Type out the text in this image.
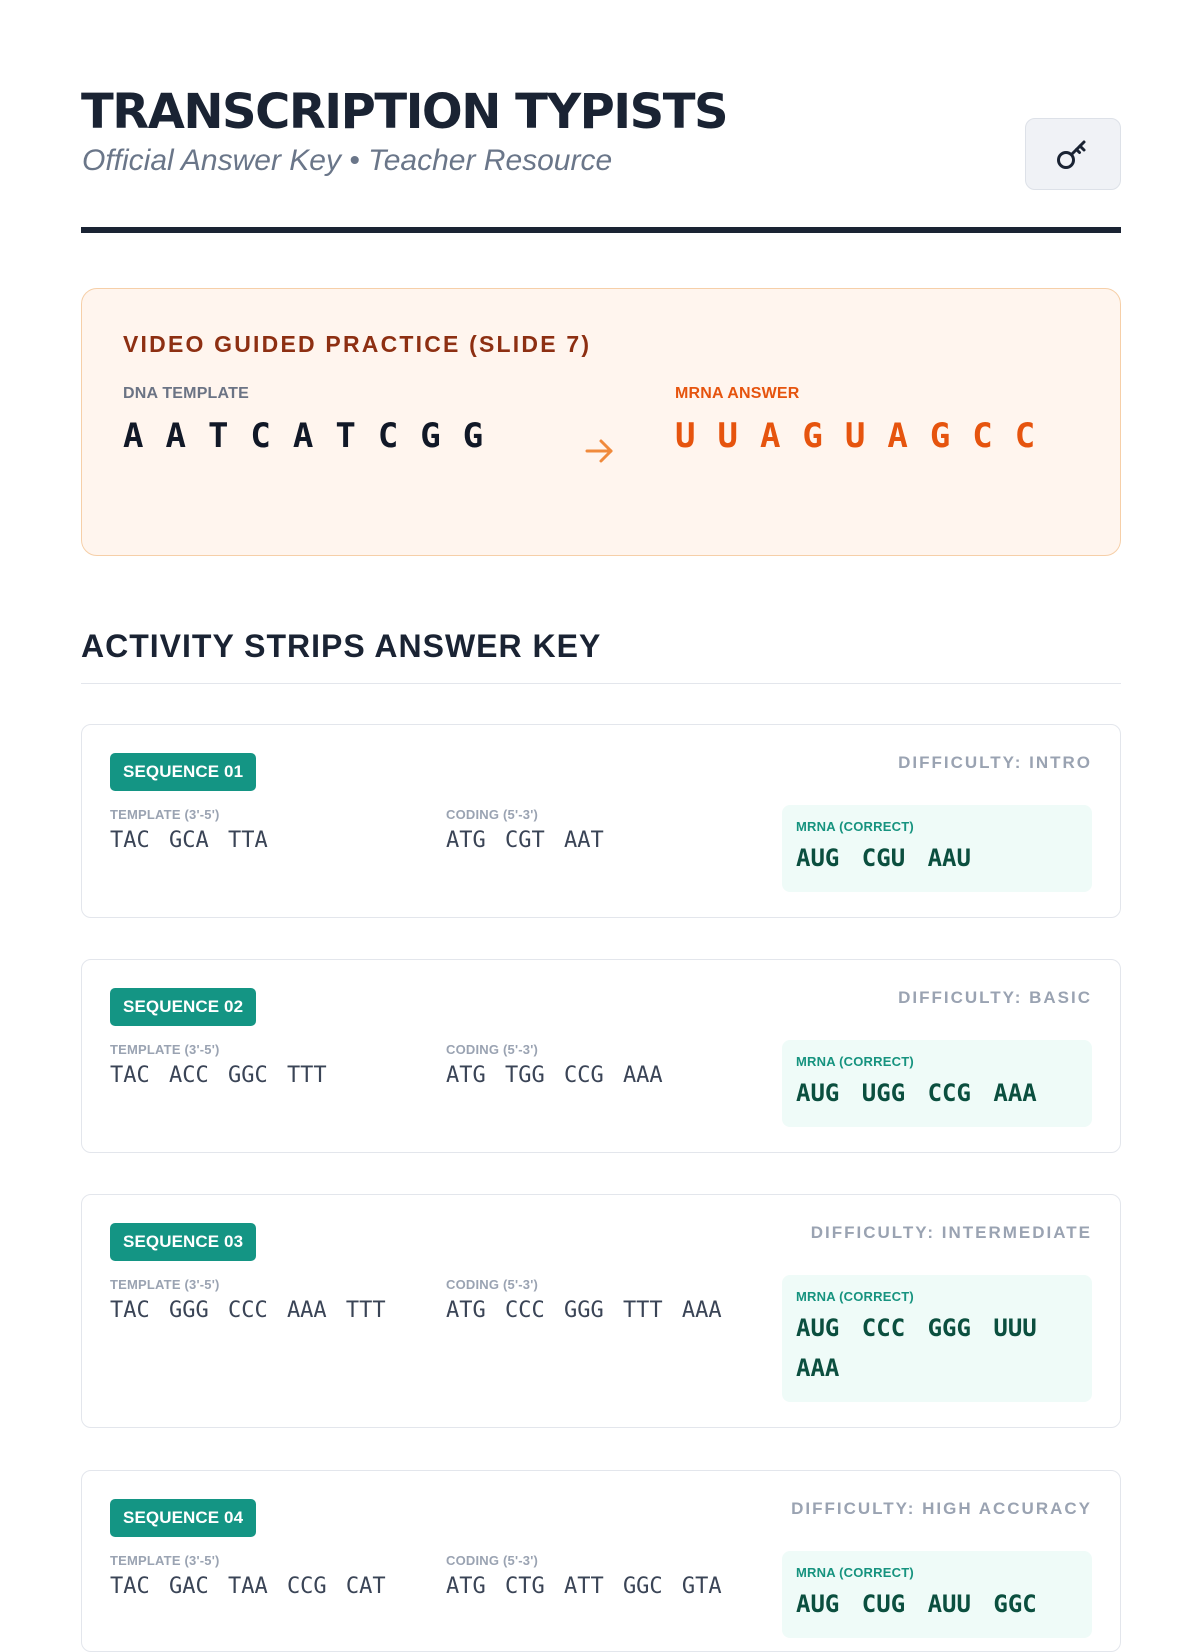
TRANSCRIPTION TYPISTS
Official Answer Key • Teacher Resource
VIDEO GUIDED PRACTICE (SLIDE 7)
DNA TEMPLATE
AATCATCGG
MRNA ANSWER
UUAGUAGCC
ACTIVITY STRIPS ANSWER KEY
SEQUENCE 01	DIFFICULTY: INTRO
TEMPLATE (3'-5')
TAC GCA TTA
CODING (5'-3')
ATG CGT AAT
MRNA (CORRECT)
AUG CGU AAU
SEQUENCE 02	DIFFICULTY: BASIC
TEMPLATE (3'-5')
TAC ACC GGC TTT
CODING (5'-3')
ATG TGG CCG AAA
MRNA (CORRECT)
AUG UGG CCG AAA
SEQUENCE 03	DIFFICULTY: INTERMEDIATE
TEMPLATE (3'-5')
TAC GGG CCC AAA TTT
CODING (5'-3')
ATG CCC GGG TTT AAA
MRNA (CORRECT)
AUG CCC GGG UUU AAA
SEQUENCE 04	DIFFICULTY: HIGH ACCURACY
TEMPLATE (3'-5')
TAC GAC TAA CCG CAT
CODING (5'-3')
ATG CTG ATT GGC GTA
MRNA (CORRECT)
AUG CUG AUU GGC
